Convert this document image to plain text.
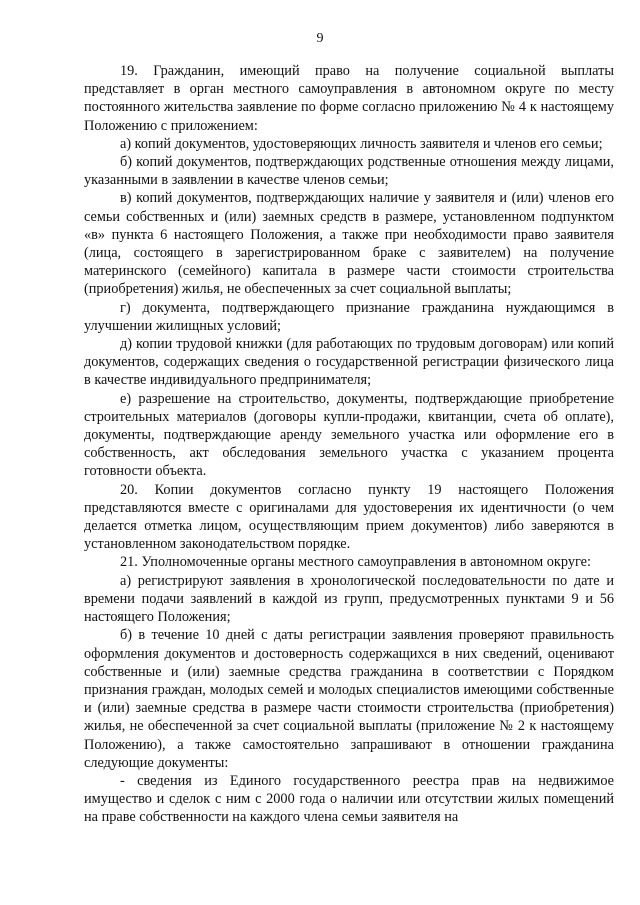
9

19. Гражданин, имеющий право на получение социальной выплаты представляет в орган местного самоуправления в автономном округе по месту постоянного жительства заявление по форме согласно приложению № 4 к настоящему Положению с приложением:

а) копий документов, удостоверяющих личность заявителя и членов его семьи;

б) копий документов, подтверждающих родственные отношения между лицами, указанными в заявлении в качестве членов семьи;

в) копий документов, подтверждающих наличие у заявителя и (или) членов его семьи собственных и (или) заемных средств в размере, установленном подпунктом «в» пункта 6 настоящего Положения, а также при необходимости право заявителя (лица, состоящего в зарегистрированном браке с заявителем) на получение материнского (семейного) капитала в размере части стоимости строительства (приобретения) жилья, не обеспеченных за счет социальной выплаты;

г) документа, подтверждающего признание гражданина нуждающимся в улучшении жилищных условий;

д) копии трудовой книжки (для работающих по трудовым договорам) или копий документов, содержащих сведения о государственной регистрации физического лица в качестве индивидуального предпринимателя;

е) разрешение на строительство, документы, подтверждающие приобретение строительных материалов (договоры купли-продажи, квитанции, счета об оплате), документы, подтверждающие аренду земельного участка или оформление его в собственность, акт обследования земельного участка с указанием процента готовности объекта.

20. Копии документов согласно пункту 19 настоящего Положения представляются вместе с оригиналами для удостоверения их идентичности (о чем делается отметка лицом, осуществляющим прием документов) либо заверяются в установленном законодательством порядке.

21. Уполномоченные органы местного самоуправления в автономном округе:

а) регистрируют заявления в хронологической последовательности по дате и времени подачи заявлений в каждой из групп, предусмотренных пунктами 9 и 56 настоящего Положения;

б) в течение 10 дней с даты регистрации заявления проверяют правильность оформления документов и достоверность содержащихся в них сведений, оценивают собственные и (или) заемные средства гражданина в соответствии с Порядком признания граждан, молодых семей и молодых специалистов имеющими собственные и (или) заемные средства в размере части стоимости строительства (приобретения) жилья, не обеспеченной за счет социальной выплаты (приложение № 2 к настоящему Положению), а также самостоятельно запрашивают в отношении гражданина следующие документы:

- сведения из Единого государственного реестра прав на недвижимое имущество и сделок с ним с 2000 года о наличии или отсутствии жилых помещений на праве собственности на каждого члена семьи заявителя на
